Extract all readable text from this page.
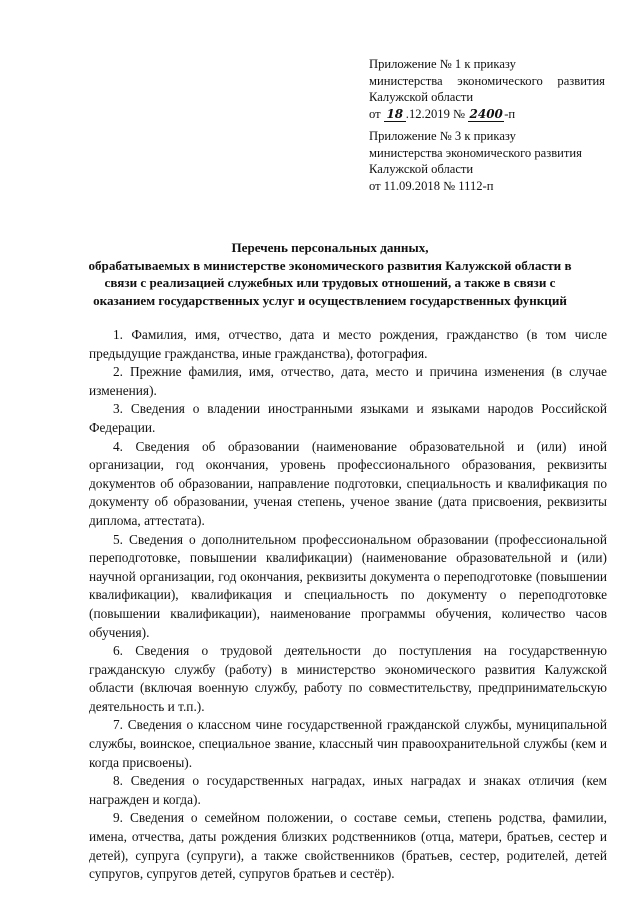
Приложение № 1 к приказу
министерства экономического развития
Калужской области
от 18 .12.2019 № 2400-п
Приложение № 3 к приказу
министерства экономического развития
Калужской области
от 11.09.2018 № 1112-п
Перечень персональных данных,
обрабатываемых в министерстве экономического развития Калужской области в
связи с реализацией служебных или трудовых отношений, а также в связи с
оказанием государственных услуг и осуществлением государственных функций

1. Фамилия, имя, отчество, дата и место рождения, гражданство (в том числе предыдущие гражданства, иные гражданства), фотография.

2. Прежние фамилия, имя, отчество, дата, место и причина изменения (в случае изменения).

3. Сведения о владении иностранными языками и языками народов Российской Федерации.

4. Сведения об образовании (наименование образовательной и (или) иной организации, год окончания, уровень профессионального образования, реквизиты документов об образовании, направление подготовки, специальность и квалификация по документу об образовании, ученая степень, ученое звание (дата присвоения, реквизиты диплома, аттестата).

5. Сведения о дополнительном профессиональном образовании (профессиональной переподготовке, повышении квалификации) (наименование образовательной и (или) научной организации, год окончания, реквизиты документа о переподготовке (повышении квалификации), квалификация и специальность по документу о переподготовке (повышении квалификации), наименование программы обучения, количество часов обучения).

6. Сведения о трудовой деятельности до поступления на государственную гражданскую службу (работу) в министерство экономического развития Калужской области (включая военную службу, работу по совместительству, предпринимательскую деятельность и т.п.).

7. Сведения о классном чине государственной гражданской службы, муниципальной службы, воинское, специальное звание, классный чин правоохранительной службы (кем и когда присвоены).

8. Сведения о государственных наградах, иных наградах и знаках отличия (кем награжден и когда).

9. Сведения о семейном положении, о составе семьи, степень родства, фамилии, имена, отчества, даты рождения близких родственников (отца, матери, братьев, сестер и детей), супруга (супруги), а также свойственников (братьев, сестер, родителей, детей супругов, супругов детей, супругов братьев и сестёр).
